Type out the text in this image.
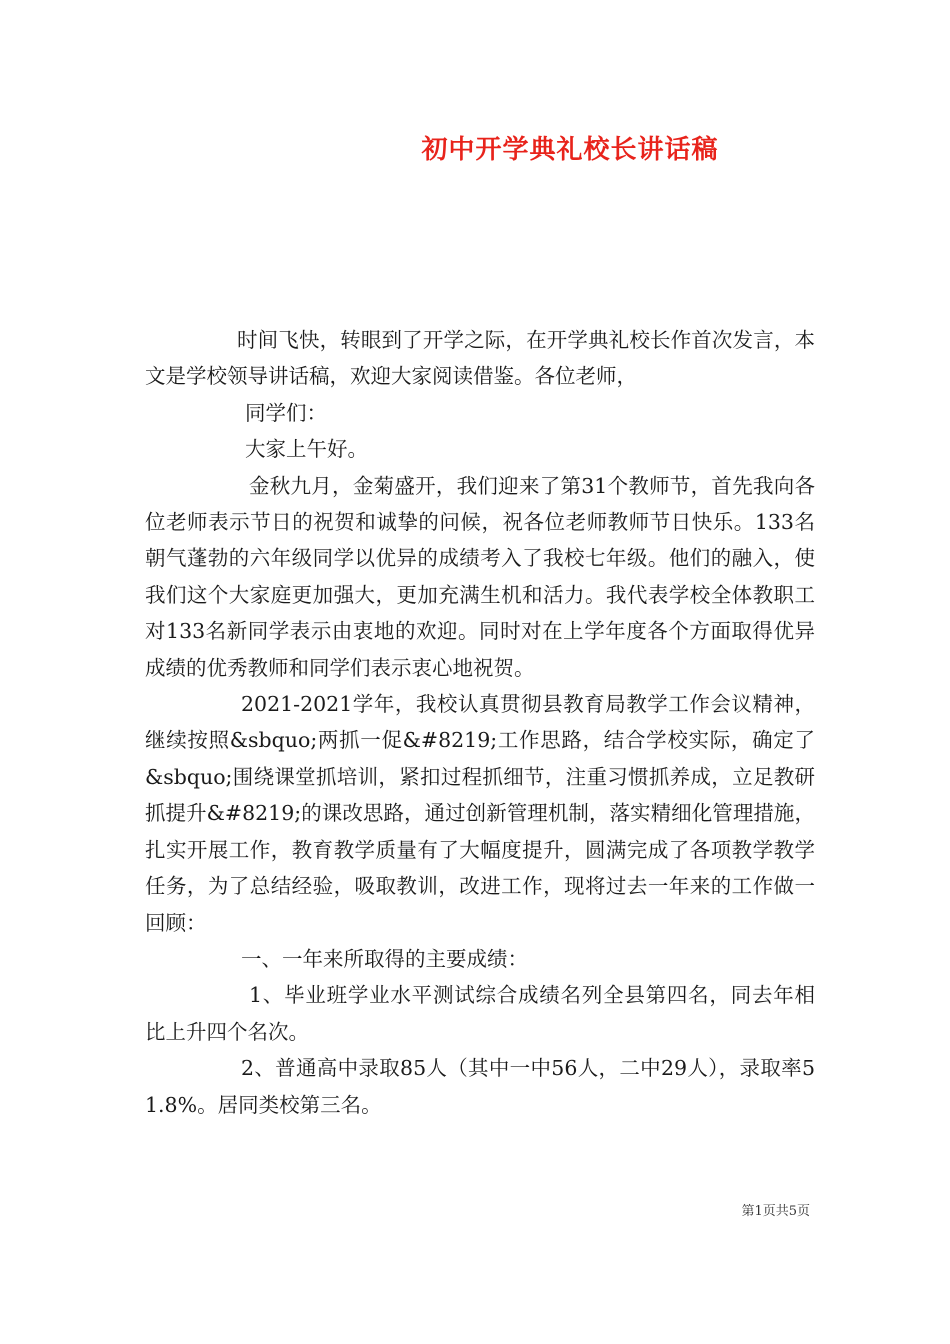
初中开学典礼校长讲话稿

时间飞快，转眼到了开学之际，在开学典礼校长作首次发言，本文是学校领导讲话稿，欢迎大家阅读借鉴。各位老师，

同学们：

大家上午好。

金秋九月，金菊盛开，我们迎来了第31个教师节，首先我向各位老师表示节日的祝贺和诚挚的问候，祝各位老师教师节日快乐。133名朝气蓬勃的六年级同学以优异的成绩考入了我校七年级。他们的融入，使我们这个大家庭更加强大，更加充满生机和活力。我代表学校全体教职工对133名新同学表示由衷地的欢迎。同时对在上学年度各个方面取得优异成绩的优秀教师和同学们表示衷心地祝贺。

2021-2021学年，我校认真贯彻县教育局教学工作会议精神，继续按照&sbquo;两抓一促&#8219;工作思路，结合学校实际，确定了&sbquo;围绕课堂抓培训，紧扣过程抓细节，注重习惯抓养成，立足教研抓提升&#8219;的课改思路，通过创新管理机制，落实精细化管理措施，扎实开展工作，教育教学质量有了大幅度提升，圆满完成了各项教学教学任务，为了总结经验，吸取教训，改进工作，现将过去一年来的工作做一回顾：

一、一年来所取得的主要成绩：

1、毕业班学业水平测试综合成绩名列全县第四名，同去年相比上升四个名次。

2、普通高中录取85人（其中一中56人，二中29人），录取率51.8%。居同类校第三名。

第1页共5页
